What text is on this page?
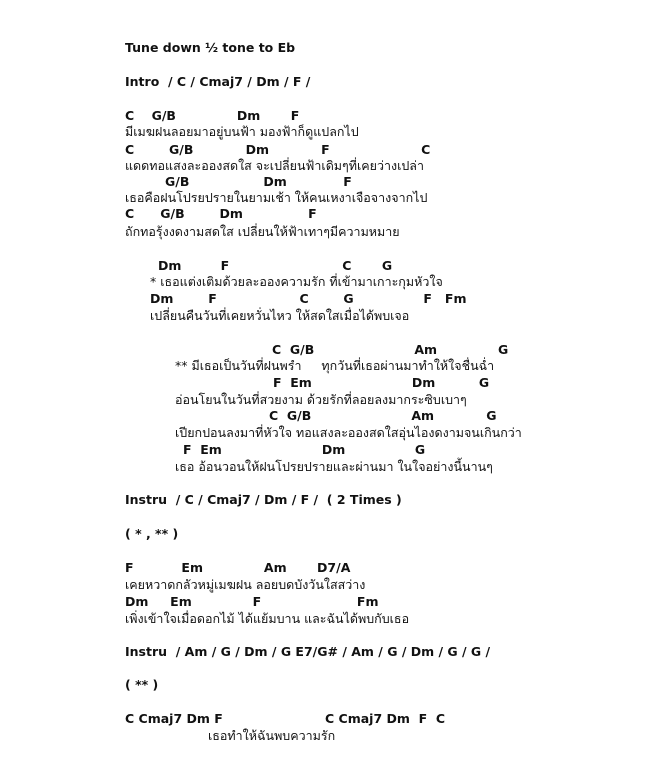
Tune down ½ tone to Eb
Intro  / C / Cmaj7 / Dm / F /
C    G/B              Dm       F
มีเมฆฝนลอยมาอยู่บนฟ้า มองฟ้าก็ดูแปลกไป
C        G/B            Dm            F                     C
แดดทอแสงละอองสดใส จะเปลี่ยนฟ้าเดิมๆที่เคยว่างเปล่า
G/B                 Dm             F
เธอคือฝนโปรยปรายในยามเช้า ให้คนเหงาเจือจางจากไป
C      G/B        Dm               F
ถักทอรุ้งงดงามสดใส เปลี่ยนให้ฟ้าเทาๆมีความหมาย
Dm         F                          C       G
* เธอแต่งเติมด้วยละอองความรัก ที่เข้ามาเกาะกุมหัวใจ
Dm        F                   C        G                F   Fm
เปลี่ยนคืนวันที่เคยหวั่นไหว ให้สดใสเมื่อได้พบเจอ
C  G/B                       Am              G
** มีเธอเป็นวันที่ฝนพรำ     ทุกวันที่เธอผ่านมาทำให้ใจชื่นฉ่ำ
F  Em                       Dm          G
อ่อนโยนในวันที่สวยงาม ด้วยรักที่ลอยลงมากระซิบเบาๆ
C  G/B                       Am            G
เปียกปอนลงมาที่หัวใจ ทอแสงละอองสดใสอุ่นไองดงามจนเกินกว่า
F  Em                       Dm                G
เธอ อ้อนวอนให้ฝนโปรยปรายและผ่านมา ในใจอย่างนี้นานๆ
Instru  / C / Cmaj7 / Dm / F /  ( 2 Times )
( * , ** )
F           Em              Am       D7/A
เคยหวาดกลัวหมู่เมฆฝน ลอยบดบังวันใสสว่าง
Dm     Em              F                      Fm
เพิ่งเข้าใจเมื่อดอกไม้ ได้แย้มบาน และฉันได้พบกับเธอ
Instru  / Am / G / Dm / G E7/G# / Am / G / Dm / G / G /
( ** )
C Cmaj7 Dm F	C Cmaj7 Dm  F  C
เธอทำให้ฉันพบความรัก
